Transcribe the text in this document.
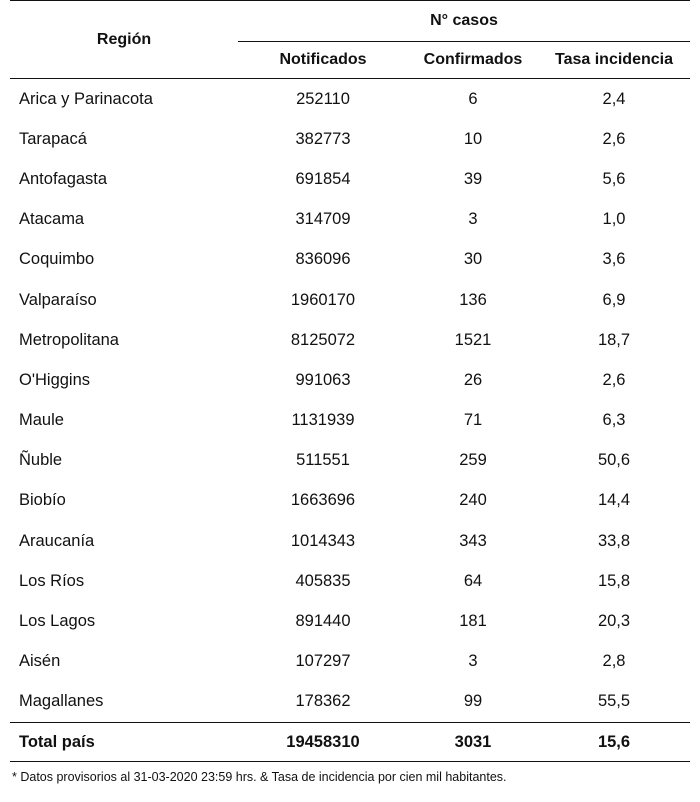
Región	N° casos		
	Notificados	Confirmados	Tasa incidencia
Arica y Parinacota	252110	6	2,4
Tarapacá	382773	10	2,6
Antofagasta	691854	39	5,6
Atacama	314709	3	1,0
Coquimbo	836096	30	3,6
Valparaíso	1960170	136	6,9
Metropolitana	8125072	1521	18,7
O'Higgins	991063	26	2,6
Maule	1131939	71	6,3
Ñuble	511551	259	50,6
Biobío	1663696	240	14,4
Araucanía	1014343	343	33,8
Los Ríos	405835	64	15,8
Los Lagos	891440	181	20,3
Aisén	107297	3	2,8
Magallanes	178362	99	55,5
Total país	19458310	3031	15,6
* Datos provisorios al 31-03-2020 23:59 hrs. & Tasa de incidencia por cien mil habitantes.
